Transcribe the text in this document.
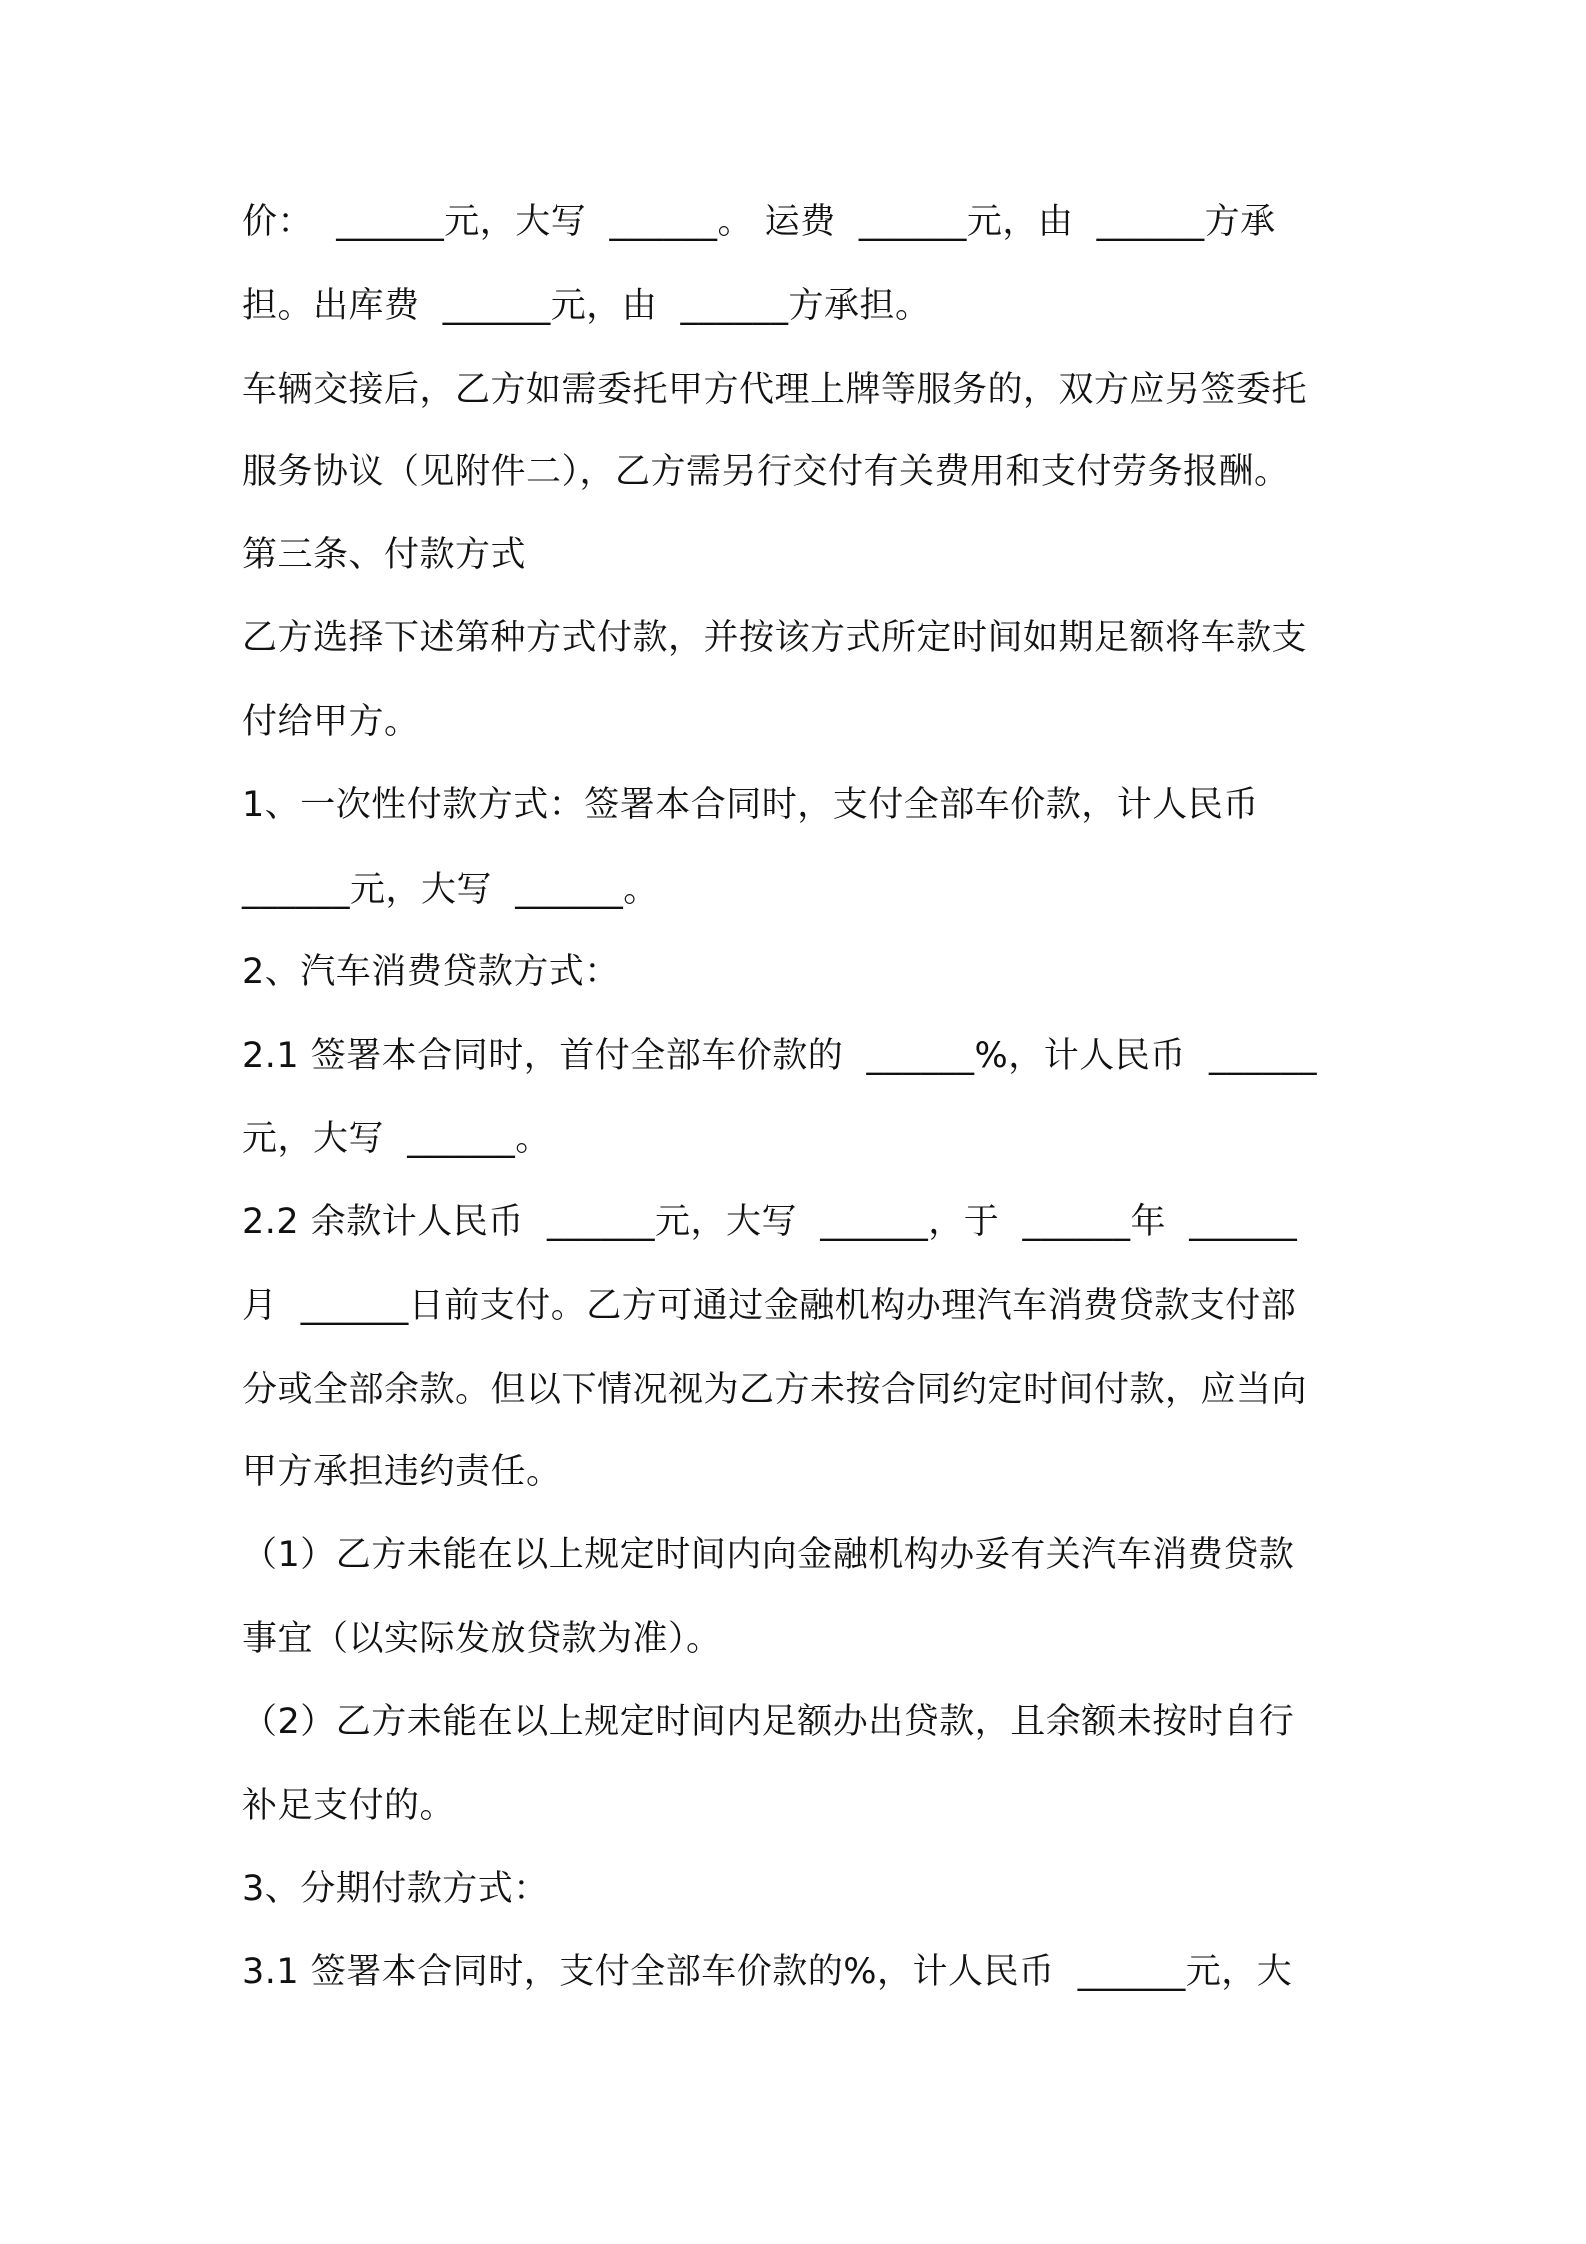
价：  ______元，大写  ______。 运费  ______元，由  ______方承
担。出库费  ______元，由  ______方承担。
车辆交接后，乙方如需委托甲方代理上牌等服务的，双方应另签委托
服务协议（见附件二），乙方需另行交付有关费用和支付劳务报酬。
第三条、付款方式
乙方选择下述第种方式付款，并按该方式所定时间如期足额将车款支
付给甲方。
1、一次性付款方式：签署本合同时，支付全部车价款，计人民币
______元，大写  ______。
2、汽车消费贷款方式：
2.1 签署本合同时，首付全部车价款的  ______%，计人民币  ______
元，大写  ______。
2.2 余款计人民币  ______元，大写  ______，于  ______年  ______
月  ______日前支付。乙方可通过金融机构办理汽车消费贷款支付部
分或全部余款。但以下情况视为乙方未按合同约定时间付款，应当向
甲方承担违约责任。
（1）乙方未能在以上规定时间内向金融机构办妥有关汽车消费贷款
事宜（以实际发放贷款为准）。
（2）乙方未能在以上规定时间内足额办出贷款，且余额未按时自行
补足支付的。
3、分期付款方式：
3.1 签署本合同时，支付全部车价款的%，计人民币  ______元，大
